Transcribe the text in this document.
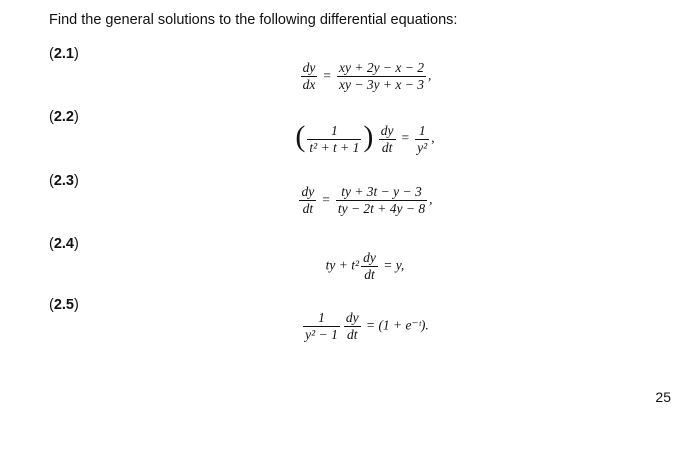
Find the general solutions to the following differential equations:
(2.1)
$\frac{dy}{dx} = \frac{xy + 2y - x - 2}{xy - 3y + x - 3}$ ,
(2.2)
( $\frac{1}{\text{t² + t + 1}}$ ) $\frac{dy}{dt} = \frac{1}{\text{y²}}$ ,
(2.3)
$\frac{dy}{dt} = \frac{ty + 3t - y - 3}{ty - 2t + 4y - 8}$ ,
(2.4)
ty + $t^2 \frac{dy}{dt} = y$,
(2.5)
$\frac{1}{\text{y² − 1}} \frac{dy}{dt} = (1$ + e⁻ᵗ).
25
